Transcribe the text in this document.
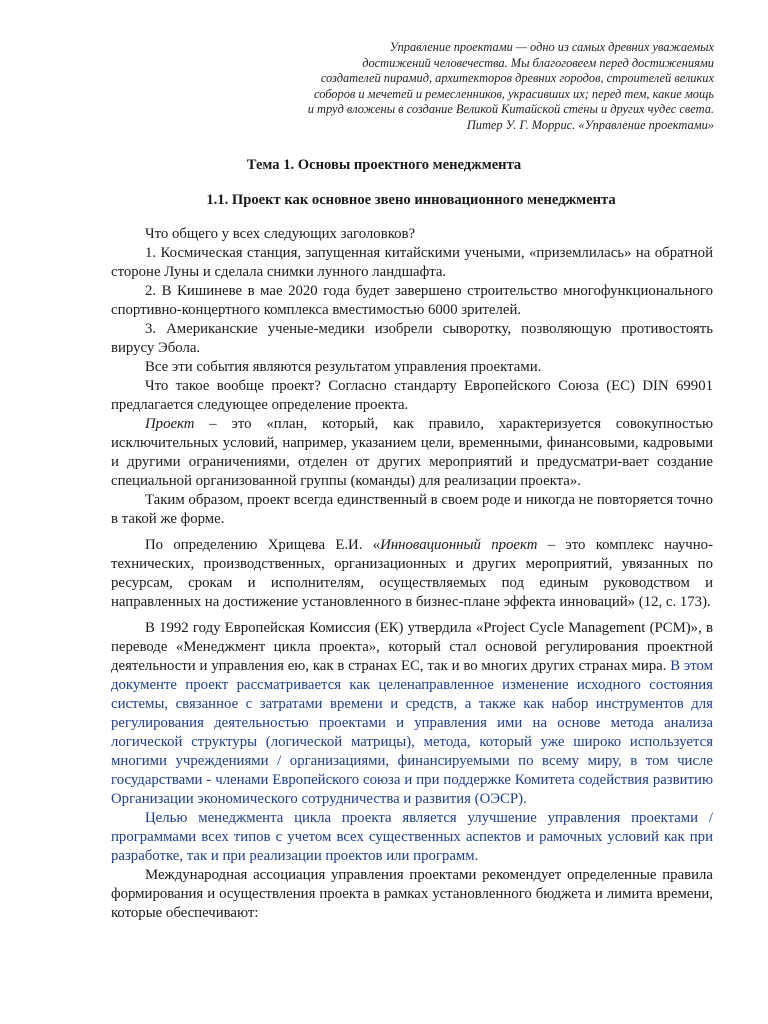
Управление проектами — одно из самых древних уважаемых
достижений человечества. Мы благоговеем перед достижениями
создателей пирамид, архитекторов древних городов, строителей великих
соборов и мечетей и ремесленников, украсивших их; перед тем, какие мощь
и труд вложены в создание Великой Китайской стены и других чудес света.
Питер У. Г. Моррис. «Управление проектами»
Тема 1. Основы проектного менеджмента
1.1. Проект как основное звено инновационного менеджмента

Что общего у всех следующих заголовков?

1. Космическая станция, запущенная китайскими учеными, «приземлилась» на обратной стороне Луны и сделала снимки лунного ландшафта.

2. В Кишиневе в мае 2020 года будет завершено строительство многофункционального спортивно-концертного комплекса вместимостью 6000 зрителей.

3. Американские ученые-медики изобрели сыворотку, позволяющую противостоять вирусу Эбола.

Все эти события являются результатом управления проектами.

Что такое вообще проект? Согласно стандарту Европейского Союза (ЕС) DIN 69901 предлагается следующее определение проекта.

Проект – это «план, который, как правило, характеризуется совокупностью исключительных условий, например, указанием цели, временными, финансовыми, кадровыми и другими ограничениями, отделен от других мероприятий и предусматри-вает создание специальной организованной группы (команды) для реализации проекта».

Таким образом, проект всегда единственный в своем роде и никогда не повторяется точно в такой же форме.

По определению Хрищева Е.И. «Инновационный проект – это комплекс научно-технических, производственных, организационных и других мероприятий, увязанных по ресурсам, срокам и исполнителям, осуществляемых под единым руководством и направленных на достижение установленного в бизнес-плане эффекта инноваций» (12, с. 173).

В 1992 году Европейская Комиссия (ЕК) утвердила «Project Cycle Management (PCM)», в переводе «Менеджмент цикла проекта», который стал основой регулирования проектной деятельности и управления ею, как в странах ЕС, так и во многих других странах мира. В этом документе проект рассматривается как целенаправленное изменение исходного состояния системы, связанное с затратами времени и средств, а также как набор инструментов для регулирования деятельностью проектами и управления ими на основе метода анализа логической структуры (логической матрицы), метода, который уже широко используется многими учреждениями / организациями, финансируемыми по всему миру, в том числе государствами - членами Европейского союза и при поддержке Комитета содействия развитию Организации экономического сотрудничества и развития (ОЭСР).

Целью менеджмента цикла проекта является улучшение управления проектами / программами всех типов с учетом всех существенных аспектов и рамочных условий как при разработке, так и при реализации проектов или программ.

Международная ассоциация управления проектами рекомендует определенные правила формирования и осуществления проекта в рамках установленного бюджета и лимита времени, которые обеспечивают:
